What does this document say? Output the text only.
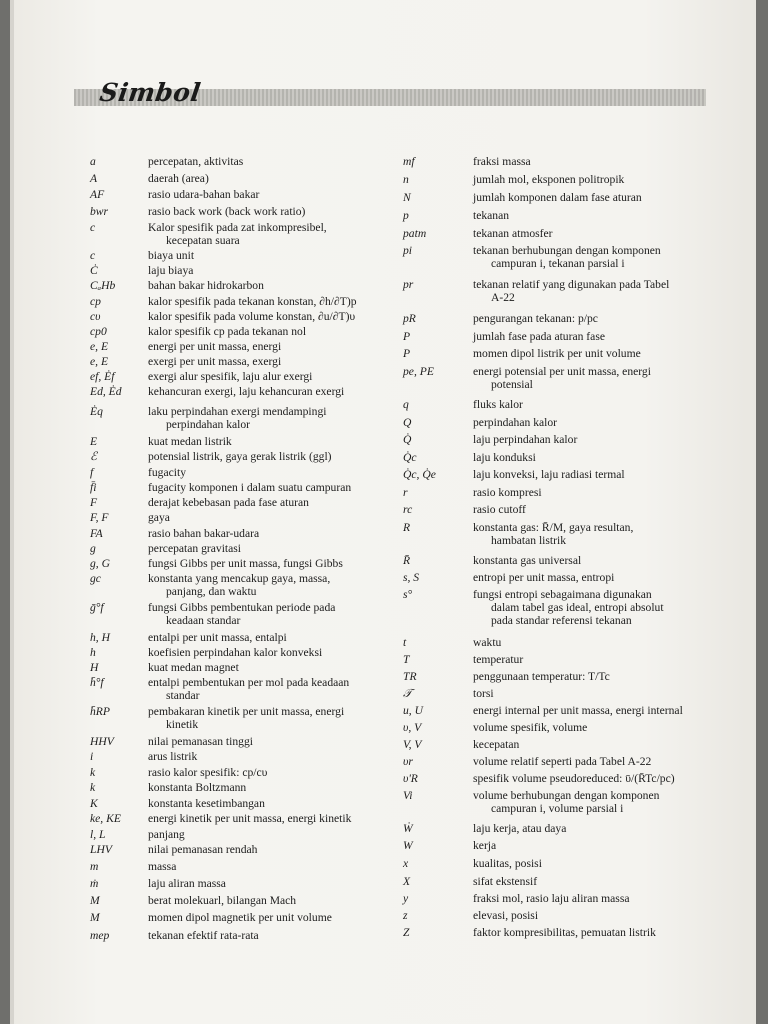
Simbol
a	percepatan, aktivitas
A	daerah (area)
AF	rasio udara-bahan bakar
bwr	rasio back work (back work ratio)
c	Kalor spesifik pada zat inkompresibel,
kecepatan suara
c	biaya unit
Ċ	laju biaya
CₐHb	bahan bakar hidrokarbon
cp	kalor spesifik pada tekanan konstan, ∂h/∂T)p
cυ	kalor spesifik pada volume konstan, ∂u/∂T)υ
cp0	kalor spesifik cp pada tekanan nol
e, E	energi per unit massa, energi
e, E	exergi per unit massa, exergi
ef, Ėf	exergi alur spesifik, laju alur exergi
Ed, Ėd	kehancuran exergi, laju kehancuran exergi
Ėq	laku perpindahan exergi mendampingi
perpindahan kalor
E	kuat medan listrik
ℰ	potensial listrik, gaya gerak listrik (ggl)
f	fugacity
f̄i	fugacity komponen i dalam suatu campuran
F	derajat kebebasan pada fase aturan
F, F	gaya
FA	rasio bahan bakar-udara
g	percepatan gravitasi
g, G	fungsi Gibbs per unit massa, fungsi Gibbs
gc	konstanta yang mencakup gaya, massa,
panjang, dan waktu
ḡ°f	fungsi Gibbs pembentukan periode pada
keadaan standar
h, H	entalpi per unit massa, entalpi
h	koefisien perpindahan kalor konveksi
H	kuat medan magnet
h̄°f	entalpi pembentukan per mol pada keadaan
standar
h̄RP	pembakaran kinetik per unit massa, energi
kinetik
HHV	nilai pemanasan tinggi
i	arus listrik
k	rasio kalor spesifik: cp/cυ
k	konstanta Boltzmann
K	konstanta kesetimbangan
ke, KE	energi kinetik per unit massa, energi kinetik
l, L	panjang
LHV	nilai pemanasan rendah
m	massa
ṁ	laju aliran massa
M	berat molekuarl, bilangan Mach
M	momen dipol magnetik per unit volume
mep	tekanan efektif rata-rata
mf	fraksi massa
n	jumlah mol, eksponen politropik
N	jumlah komponen dalam fase aturan
p	tekanan
patm	tekanan atmosfer
pi	tekanan berhubungan dengan komponen
campuran i, tekanan parsial i
pr	tekanan relatif yang digunakan pada Tabel
A-22
pR	pengurangan tekanan: p/pc
P	jumlah fase pada aturan fase
P	momen dipol listrik per unit volume
pe, PE	energi potensial per unit massa, energi
potensial
q	fluks kalor
Q	perpindahan kalor
Q̇	laju perpindahan kalor
Q̇c	laju konduksi
Q̇c, Q̇e	laju konveksi, laju radiasi termal
r	rasio kompresi
rc	rasio cutoff
R	konstanta gas: R̄/M, gaya resultan,
hambatan listrik
R̄	konstanta gas universal
s, S	entropi per unit massa, entropi
s°	fungsi entropi sebagaimana digunakan
dalam tabel gas ideal, entropi absolut
pada standar referensi tekanan
t	waktu
T	temperatur
TR	penggunaan temperatur: T/Tc
𝒯	torsi
u, U	energi internal per unit massa, energi internal
υ, V	volume spesifik, volume
V, V	kecepatan
υr	volume relatif seperti pada Tabel A-22
υ'R	spesifik volume pseudoreduced: ῡ/(R̄Tc/pc)
Vi	volume berhubungan dengan komponen
campuran i, volume parsial i
Ẇ	laju kerja, atau daya
W	kerja
x	kualitas, posisi
X	sifat ekstensif
y	fraksi mol, rasio laju aliran massa
z	elevasi, posisi
Z	faktor kompresibilitas, pemuatan listrik
